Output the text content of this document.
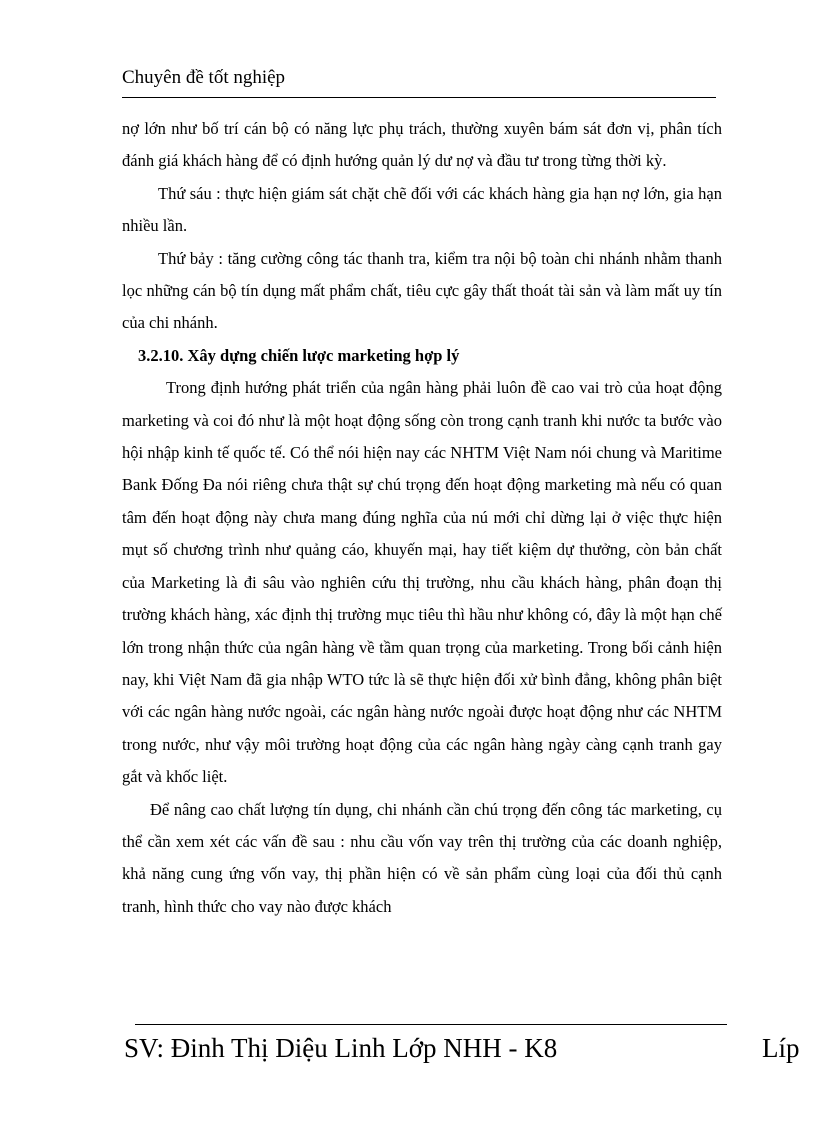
Chuyên đề tốt nghiệp

nợ lớn như bố trí cán bộ có năng lực phụ trách, thường xuyên bám sát đơn vị, phân tích đánh giá khách hàng để có định hướng quản lý dư nợ và đầu tư trong từng thời kỳ.

Thứ sáu : thực hiện giám sát chặt chẽ đối với các khách hàng gia hạn nợ lớn, gia hạn nhiều lần.

Thứ bảy : tăng cường công tác thanh tra, kiểm tra nội bộ toàn chi nhánh nhằm thanh lọc những cán bộ tín dụng mất phẩm chất, tiêu cực gây thất thoát tài sản và làm mất uy tín của chi nhánh.

3.2.10. Xây dựng chiến lược marketing hợp lý

Trong định hướng phát triển của ngân hàng phải luôn đề cao vai trò của hoạt động marketing và coi đó như là một hoạt động sống còn trong cạnh tranh khi nước ta bước vào hội nhập kinh tế quốc tế. Có thể nói hiện nay các NHTM Việt Nam nói chung và Maritime Bank Đống Đa nói riêng chưa thật sự chú trọng đến hoạt động marketing mà nếu có quan tâm đến hoạt động này chưa mang đúng nghĩa của nú mới chỉ dừng lại ở việc thực hiện mụt số chương trình như quảng cáo, khuyến mại, hay tiết kiệm dự thưởng, còn bản chất của Marketing là đi sâu vào nghiên cứu thị trường, nhu cầu khách hàng, phân đoạn thị trường khách hàng, xác định thị trường mục tiêu thì hầu như không có, đây là một hạn chế lớn trong nhận thức của ngân hàng về tầm quan trọng của marketing. Trong bối cảnh hiện nay, khi Việt Nam đã gia nhập WTO tức là sẽ thực hiện đối xử bình đẳng, không phân biệt với các ngân hàng nước ngoài, các ngân hàng nước ngoài được hoạt động như các NHTM trong nước, như vậy môi trường hoạt động của các ngân hàng ngày càng cạnh tranh gay gắt và khốc liệt.

Để nâng cao chất lượng tín dụng, chi nhánh cần chú trọng đến công tác marketing, cụ thể cần xem xét các vấn đề sau : nhu cầu vốn vay trên thị trường của các doanh nghiệp, khả năng cung ứng vốn vay, thị phần hiện có về sản phẩm cùng loại của đối thủ cạnh tranh, hình thức cho vay nào được khách

SV: Đinh Thị Diệu Linh Lớp NHH - K8	Líp
